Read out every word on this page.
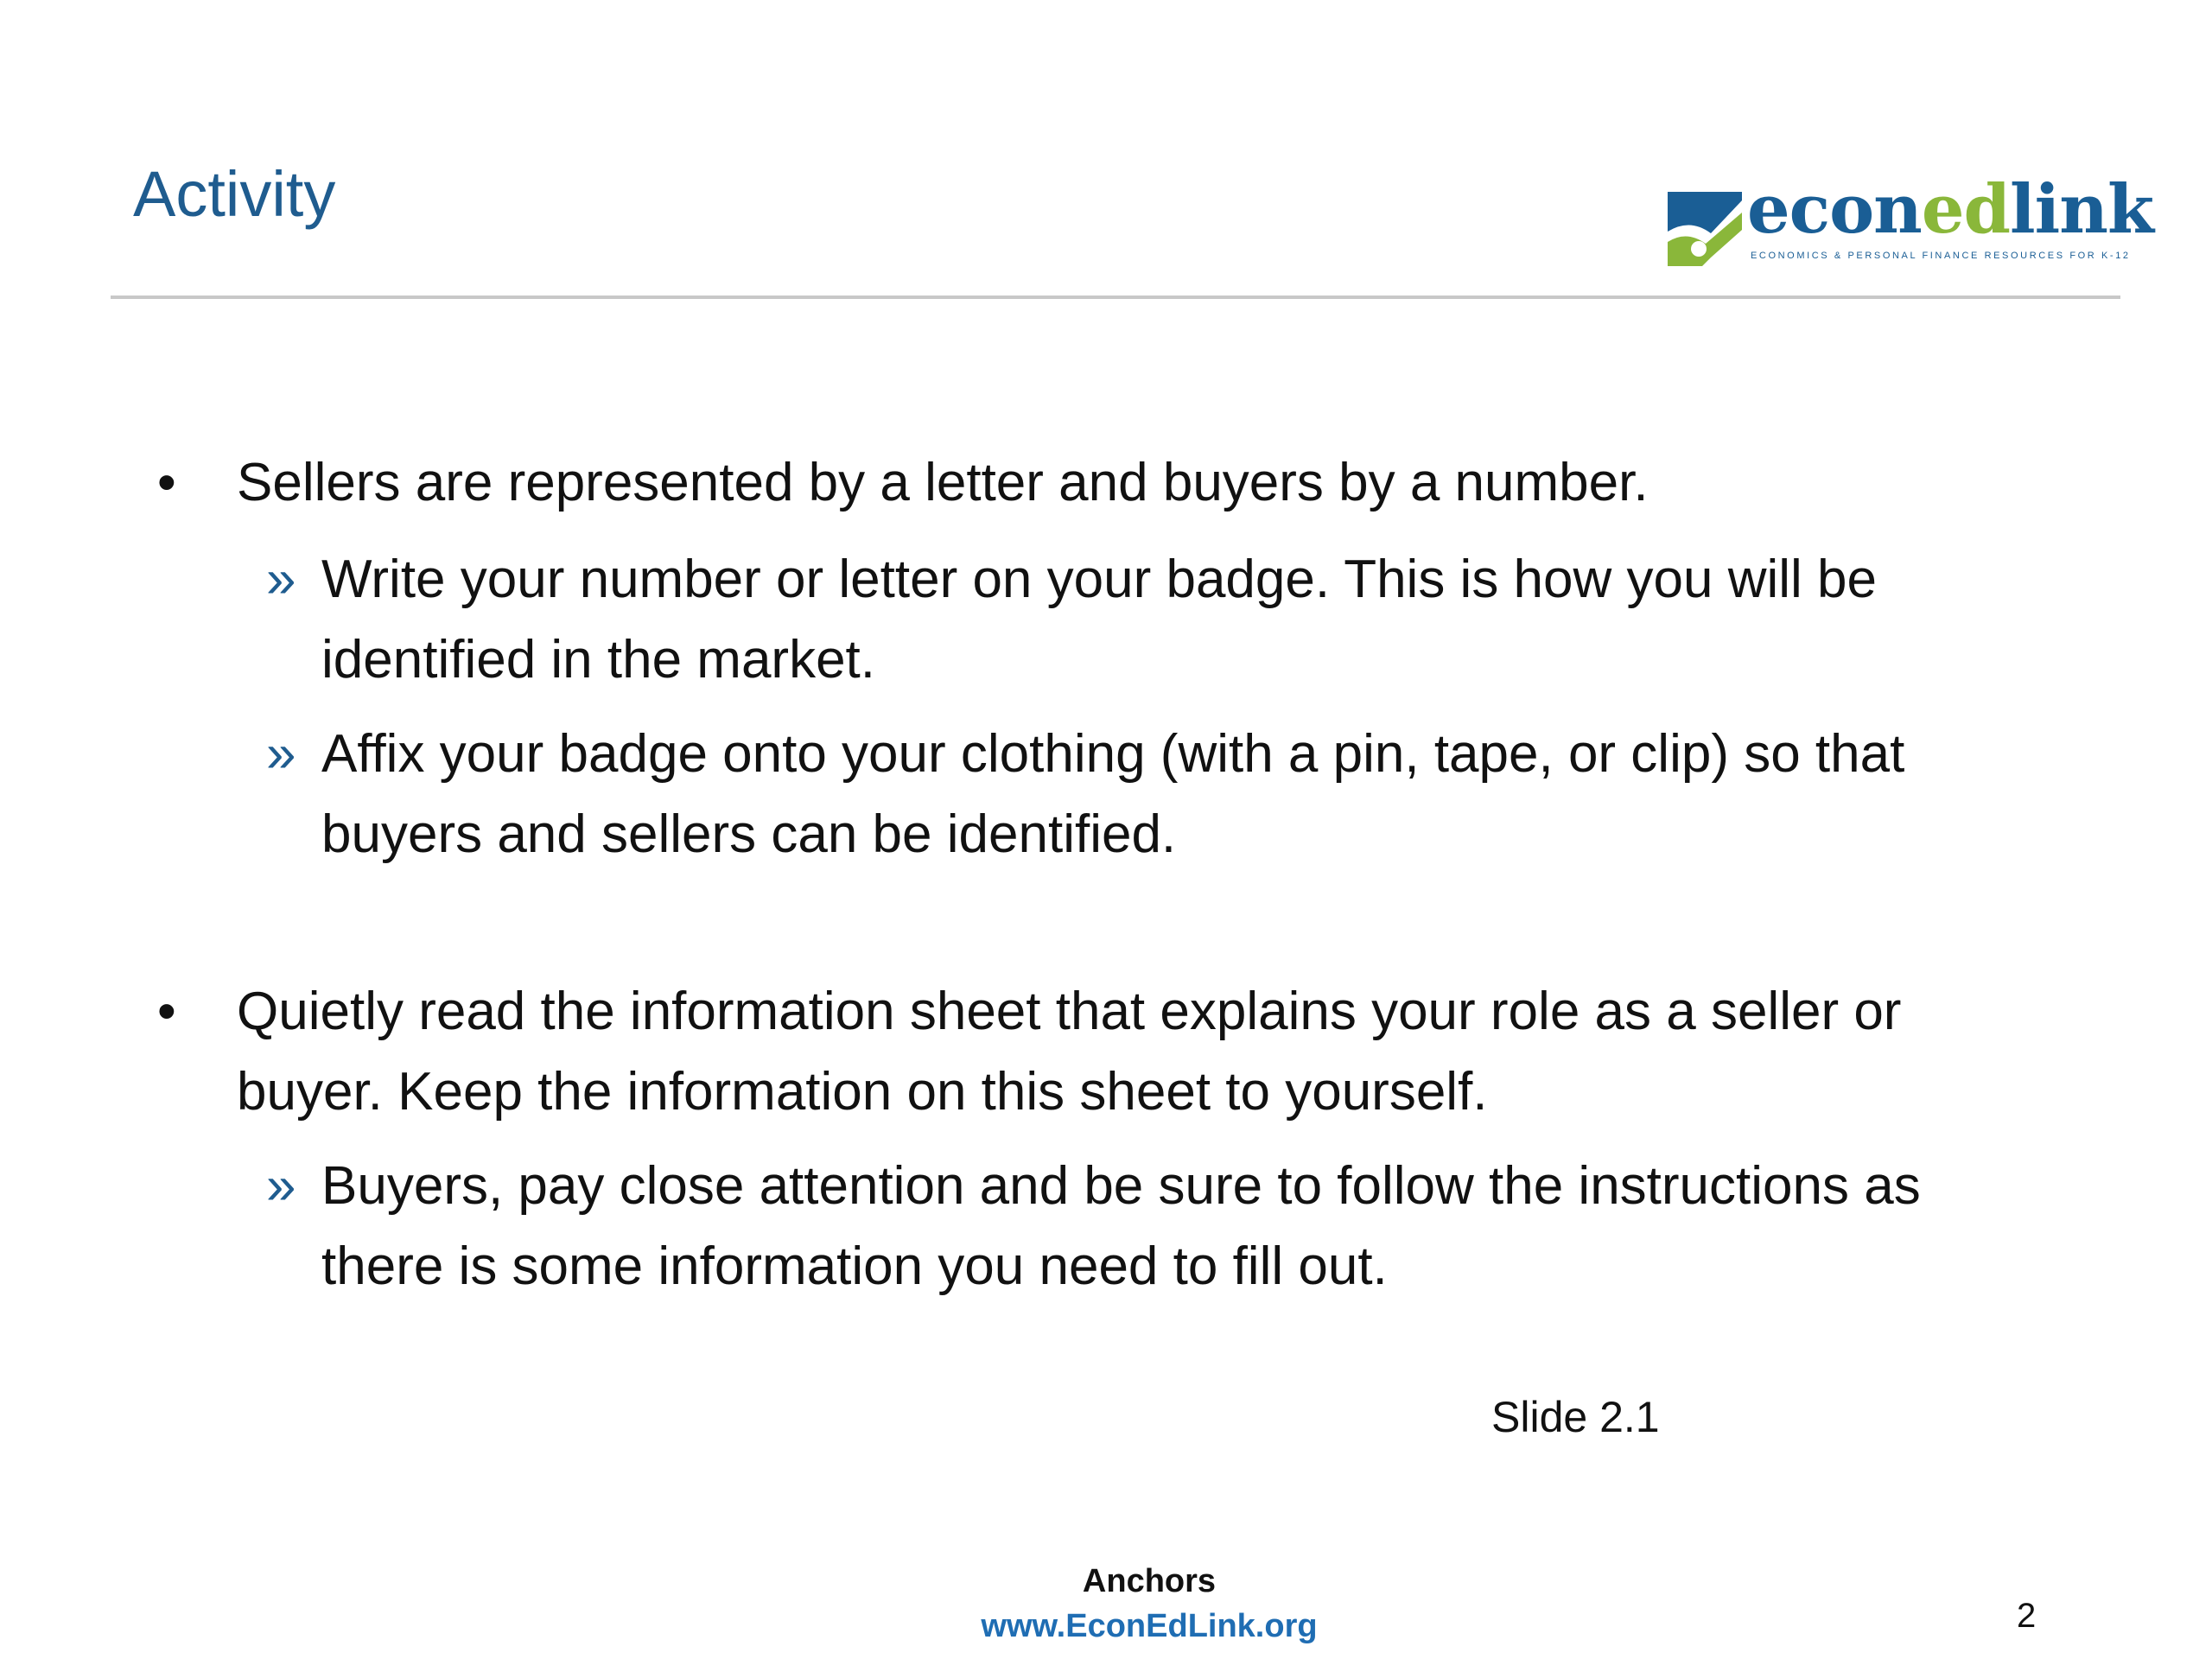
Activity	econedlink
ECONOMICS & PERSONAL FINANCE RESOURCES FOR K-12
• Sellers are represented by a letter and buyers by a number.
» Write your number or letter on your badge. This is how you will be identified in the market.
» Affix your badge onto your clothing (with a pin, tape, or clip) so that buyers and sellers can be identified.
• Quietly read the information sheet that explains your role as a seller or buyer. Keep the information on this sheet to yourself.
» Buyers, pay close attention and be sure to follow the instructions as there is some information you need to fill out.
Slide 2.1
Anchors
www.EconEdLink.org	2
